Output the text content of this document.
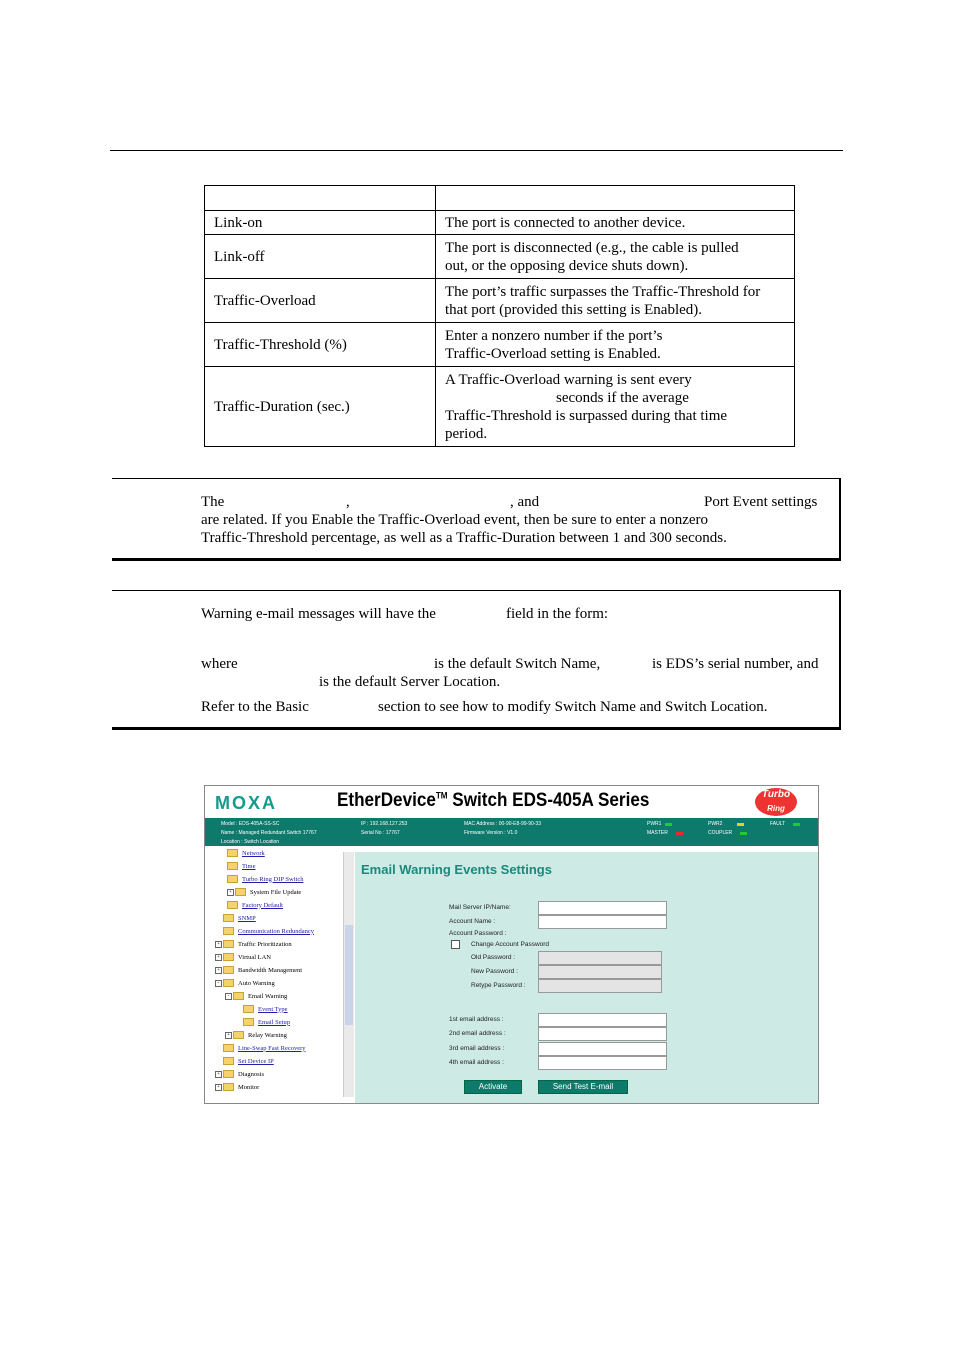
Link-on	The port is connected to another device.

Link-off	The port is disconnected (e.g., the cable is pulled
out, or the opposing device shuts down).

Traffic-Overload	The port’s traffic surpasses the Traffic-Threshold for
that port (provided this setting is Enabled).

Traffic-Threshold (%)	Enter a nonzero number if the port’s
Traffic-Overload setting is Enabled.

Traffic-Duration (sec.)	A Traffic-Overload warning is sent every
seconds if the average
Traffic-Threshold is surpassed during that time
period.
The	,	, and	Port Event settings
are related. If you Enable the Traffic-Overload event, then be sure to enter a nonzero
Traffic-Threshold percentage, as well as a Traffic-Duration between 1 and 300 seconds.
Warning e-mail messages will have the	field in the form:
where	is the default Switch Name,	is EDS’s serial number, and
is the default Server Location.
Refer to the Basic	section to see how to modify Switch Name and Switch Location.
MOXA	EtherDevice™ Switch EDS-405A Series	Turbo
Ring
Model : EDS-405A-SS-SC
Name : Managed Redundant Switch 17767
Location : Switch Location
IP : 192.168.127.253
Serial No : 17767
MAC Address : 00-90-E8-99-90-33
Firmware Version : V1.0
PWR1	PWR2	FAULT
MASTER	COUPLER
Network
Time
Turbo Ring DIP Switch
+	System File Update
Factory Default
SNMP
Communication Redundancy
+	Traffic Prioritization
+	Virtual LAN
+	Bandwidth Management
-	Auto Warning
-	Email Warning
Event Type
Email Setup
+	Relay Warning
Line-Swap Fast Recovery
Set Device IP
+	Diagnosis
+	Monitor
Email Warning Events Settings
Mail Server IP/Name:
Account Name :
Account Password :
Change Account Password
Old Password :
New Password :
Retype Password :
1st email address :
2nd email address :
3rd email address :
4th email address :
Activate	Send Test E-mail
